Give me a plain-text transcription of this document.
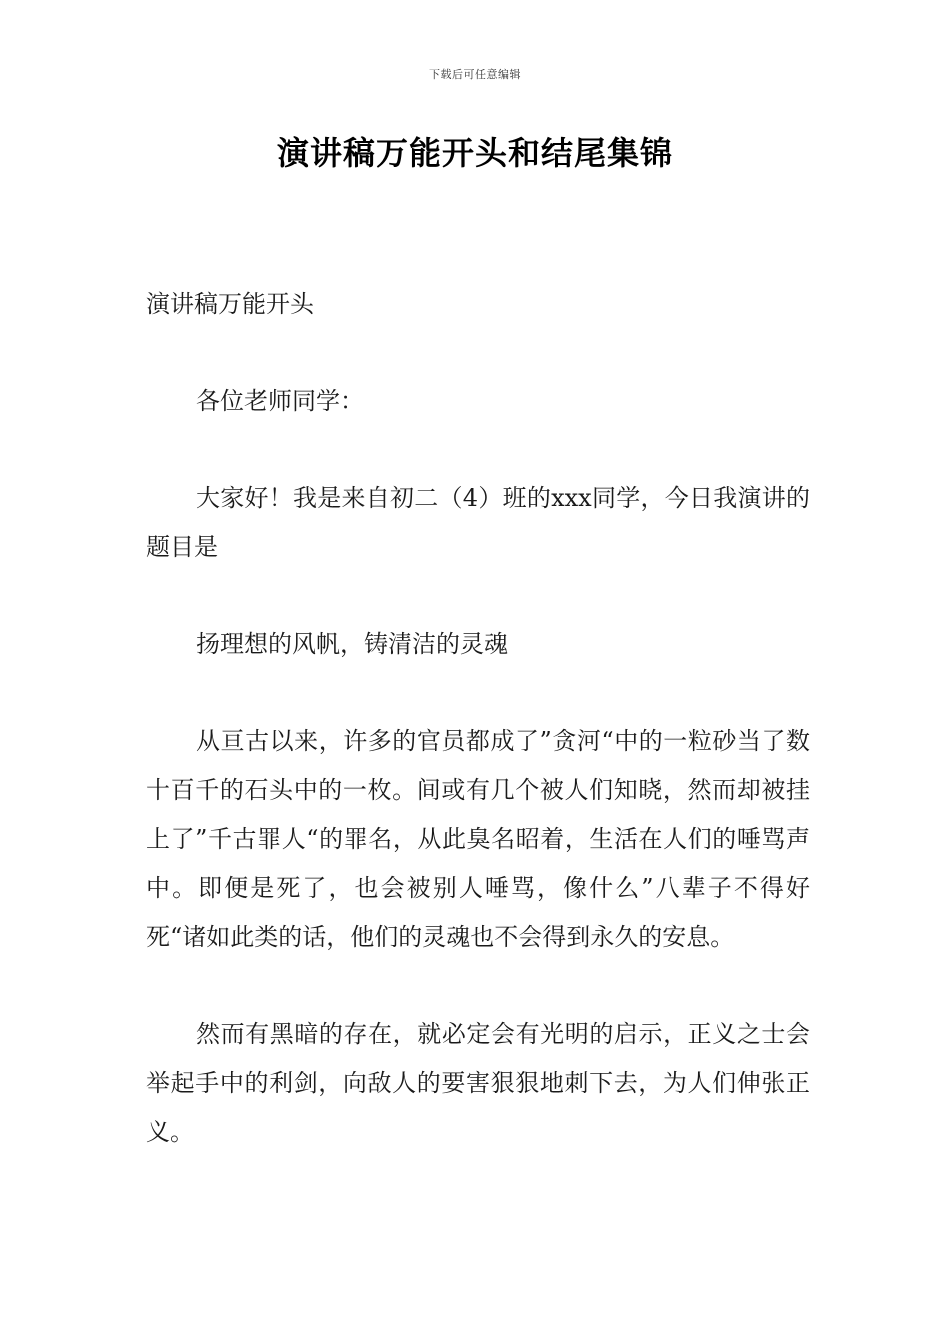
下载后可任意编辑
演讲稿万能开头和结尾集锦

演讲稿万能开头

各位老师同学：

大家好！我是来自初二（4）班的xxx同学，今日我演讲的题目是

扬理想的风帆，铸清洁的灵魂

从亘古以来，许多的官员都成了”贪河“中的一粒砂当了数十百千的石头中的一枚。间或有几个被人们知晓，然而却被挂上了”千古罪人“的罪名，从此臭名昭着，生活在人们的唾骂声中。即便是死了，也会被别人唾骂，像什么”八辈子不得好死“诸如此类的话，他们的灵魂也不会得到永久的安息。

然而有黑暗的存在，就必定会有光明的启示，正义之士会举起手中的利剑，向敌人的要害狠狠地刺下去，为人们伸张正义。
